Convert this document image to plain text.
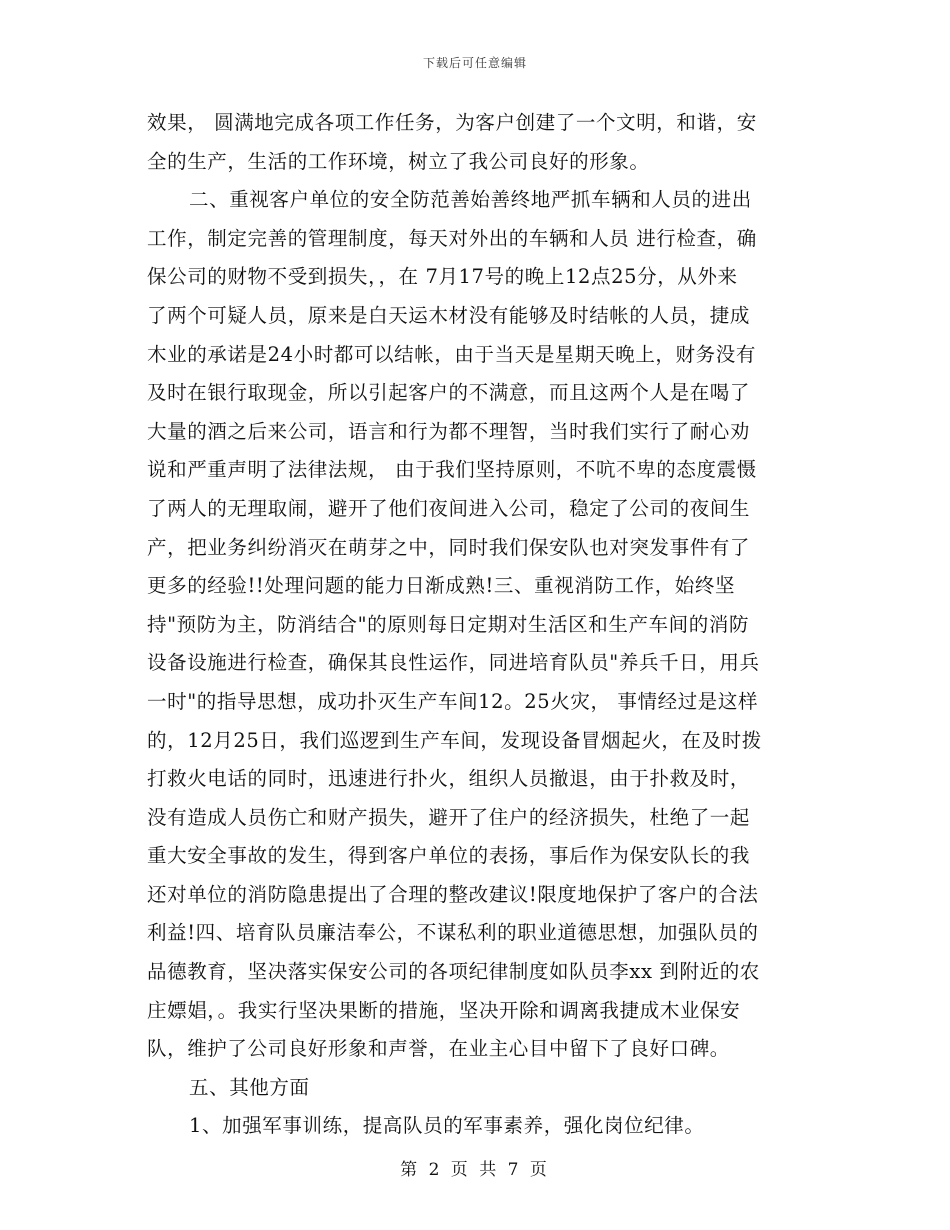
下载后可任意编辑
效果， 圆满地完成各项工作任务，为客户创建了一个文明，和谐，安
全的生产，生活的工作环境，树立了我公司良好的形象。
二、重视客户单位的安全防范善始善终地严抓车辆和人员的进出
工作，制定完善的管理制度，每天对外出的车辆和人员 进行检查，确
保公司的财物不受到损失，，在 7月17号的晚上12点25分，从外来
了两个可疑人员，原来是白天运木材没有能够及时结帐的人员，捷成
木业的承诺是24小时都可以结帐，由于当天是星期天晚上，财务没有
及时在银行取现金，所以引起客户的不满意，而且这两个人是在喝了
大量的酒之后来公司，语言和行为都不理智，当时我们实行了耐心劝
说和严重声明了法律法规， 由于我们坚持原则，不吭不卑的态度震慑
了两人的无理取闹，避开了他们夜间进入公司，稳定了公司的夜间生
产，把业务纠纷消灭在萌芽之中，同时我们保安队也对突发事件有了
更多的经验!!处理问题的能力日渐成熟!三、重视消防工作，始终坚
持"预防为主，防消结合"的原则每日定期对生活区和生产车间的消防
设备设施进行检查，确保其良性运作，同进培育队员"养兵千日，用兵
一时"的指导思想，成功扑灭生产车间12。25火灾， 事情经过是这样
的，12月25日，我们巡逻到生产车间，发现设备冒烟起火，在及时拨
打救火电话的同时，迅速进行扑火，组织人员撤退，由于扑救及时，
没有造成人员伤亡和财产损失，避开了住户的经济损失，杜绝了一起
重大安全事故的发生，得到客户单位的表扬，事后作为保安队长的我
还对单位的消防隐患提出了合理的整改建议!限度地保护了客户的合法
利益!四、培育队员廉洁奉公，不谋私利的职业道德思想，加强队员的
品德教育，坚决落实保安公司的各项纪律制度如队员李xx 到附近的农
庄嫖娼，。我实行坚决果断的措施，坚决开除和调离我捷成木业保安
队，维护了公司良好形象和声誉，在业主心目中留下了良好口碑。
五、其他方面
1、加强军事训练，提高队员的军事素养，强化岗位纪律。
第 2 页 共 7 页
